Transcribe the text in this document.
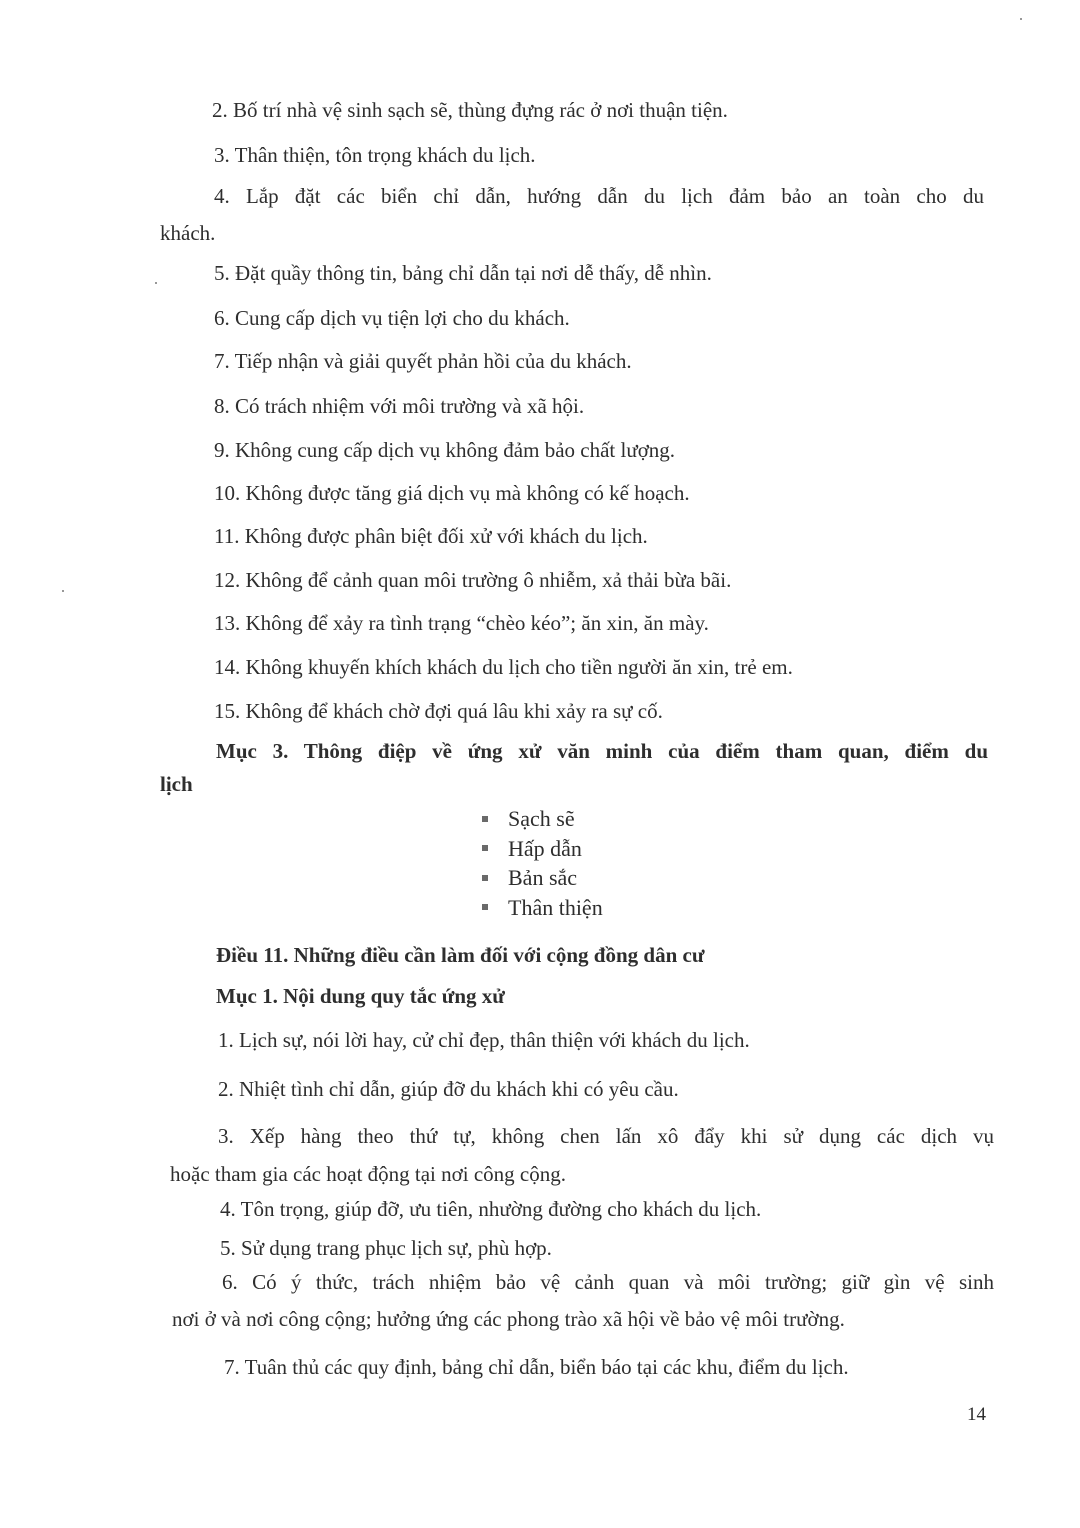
2. Bố trí nhà vệ sinh sạch sẽ, thùng đựng rác ở nơi thuận tiện.

3. Thân thiện, tôn trọng khách du lịch.

4. Lắp đặt các biển chỉ dẫn, hướng dẫn du lịch đảm bảo an toàn cho du

khách.

5. Đặt quầy thông tin, bảng chỉ dẫn tại nơi dễ thấy, dễ nhìn.

6. Cung cấp dịch vụ tiện lợi cho du khách.

7. Tiếp nhận và giải quyết phản hồi của du khách.

8. Có trách nhiệm với môi trường và xã hội.

9. Không cung cấp dịch vụ không đảm bảo chất lượng.

10. Không được tăng giá dịch vụ mà không có kế hoạch.

11. Không được phân biệt đối xử với khách du lịch.

12. Không để cảnh quan môi trường ô nhiễm, xả thải bừa bãi.

13. Không để xảy ra tình trạng “chèo kéo”; ăn xin, ăn mày.

14. Không khuyến khích khách du lịch cho tiền người ăn xin, trẻ em.

15. Không để khách chờ đợi quá lâu khi xảy ra sự cố.

Mục 3. Thông điệp về ứng xử văn minh của điểm tham quan, điểm du

lịch

Sạch sẽ
Hấp dẫn
Bản sắc
Thân thiện

Điều 11. Những điều cần làm đối với cộng đồng dân cư

Mục 1. Nội dung quy tắc ứng xử

1. Lịch sự, nói lời hay, cử chỉ đẹp, thân thiện với khách du lịch.

2. Nhiệt tình chỉ dẫn, giúp đỡ du khách khi có yêu cầu.

3. Xếp hàng theo thứ tự, không chen lấn xô đẩy khi sử dụng các dịch vụ

hoặc tham gia các hoạt động tại nơi công cộng.

4. Tôn trọng, giúp đỡ, ưu tiên, nhường đường cho khách du lịch.

5. Sử dụng trang phục lịch sự, phù hợp.

6. Có ý thức, trách nhiệm bảo vệ cảnh quan và môi trường; giữ gìn vệ sinh

nơi ở và nơi công cộng; hưởng ứng các phong trào xã hội về bảo vệ môi trường.

7. Tuân thủ các quy định, bảng chỉ dẫn, biển báo tại các khu, điểm du lịch.

14
